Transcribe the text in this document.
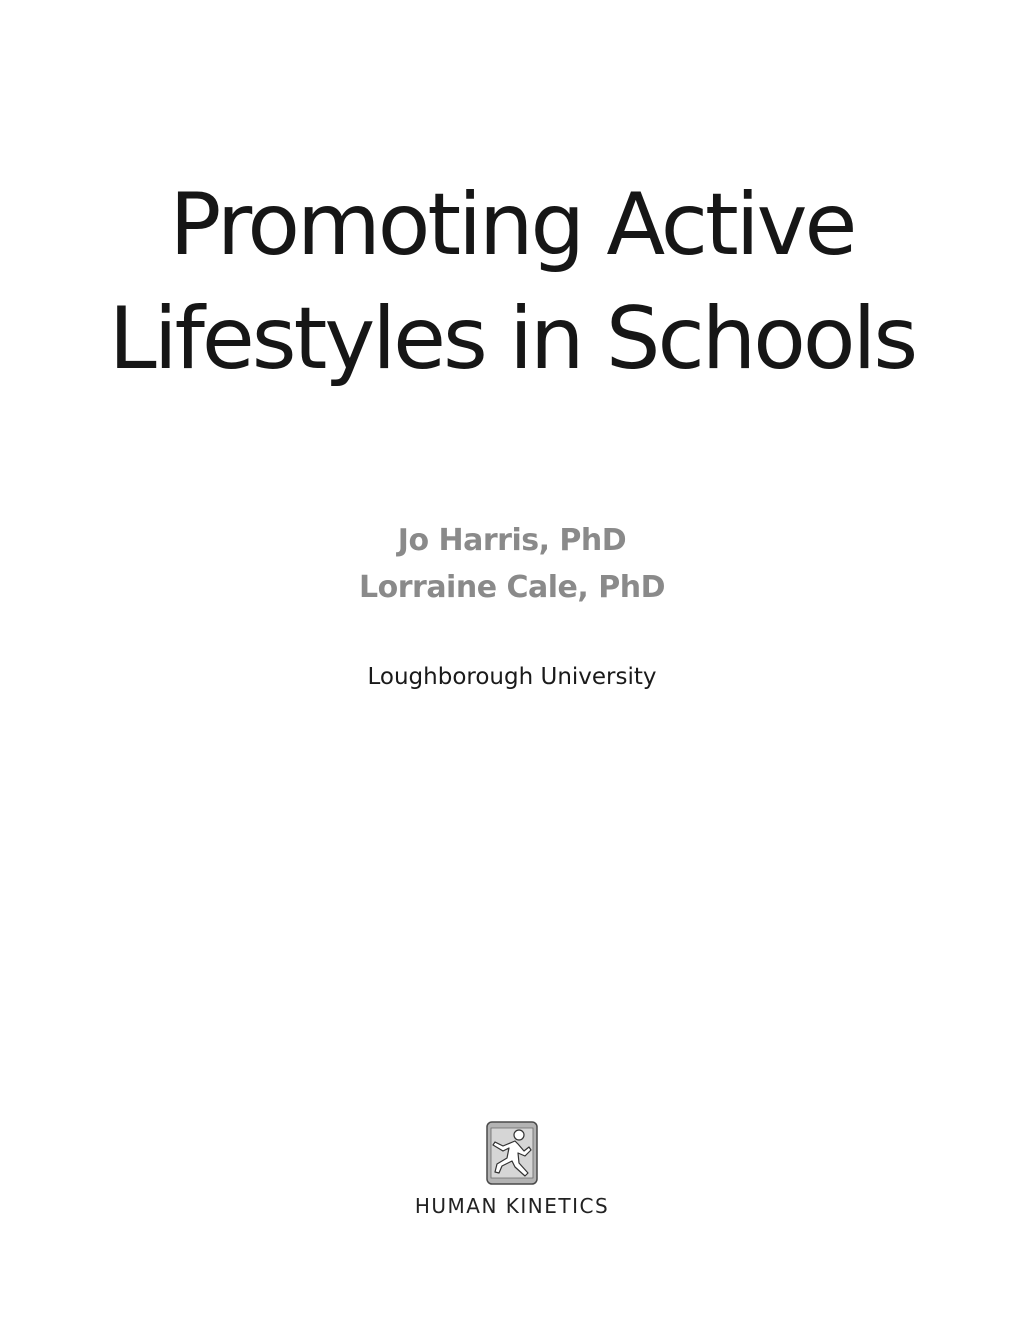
Promoting Active
Lifestyles in Schools
Jo Harris, PhD
Lorraine Cale, PhD
Loughborough University
HUMAN KINETICS
